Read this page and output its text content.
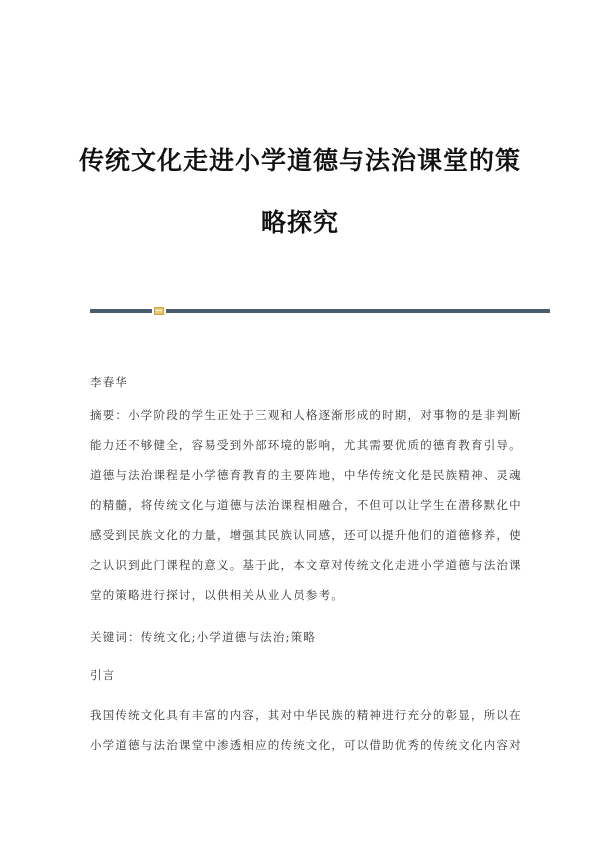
传统文化走进小学道德与法治课堂的策
略探究
李春华
摘要：小学阶段的学生正处于三观和人格逐渐形成的时期，对事物的是非判断
能力还不够健全，容易受到外部环境的影响，尤其需要优质的德育教育引导。
道德与法治课程是小学德育教育的主要阵地，中华传统文化是民族精神、灵魂
的精髓，将传统文化与道德与法治课程相融合，不但可以让学生在潜移默化中
感受到民族文化的力量，增强其民族认同感，还可以提升他们的道德修养，使
之认识到此门课程的意义。基于此，本文章对传统文化走进小学道德与法治课
堂的策略进行探讨，以供相关从业人员参考。
关键词：传统文化;小学道德与法治;策略
引言
我国传统文化具有丰富的内容，其对中华民族的精神进行充分的彰显，所以在
小学道德与法治课堂中渗透相应的传统文化，可以借助优秀的传统文化内容对
